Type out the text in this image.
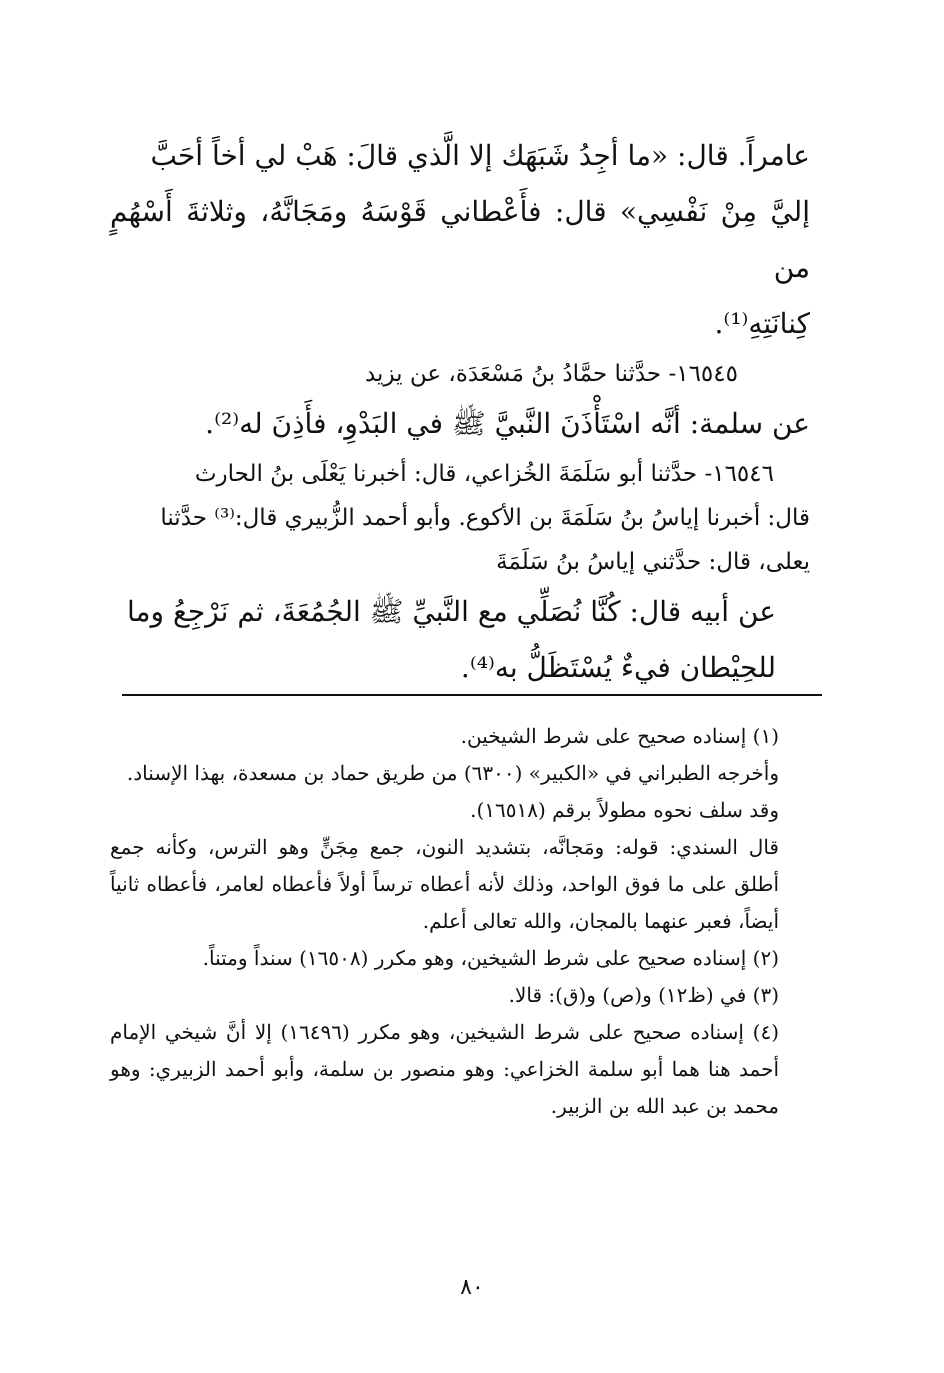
عامراً. قال: «ما أجِدُ شَبَهَك إلا الَّذي قالَ: هَبْ لي أخاً أحَبَّ
إليَّ مِنْ نَفْسِي» قال: فأَعْطاني قَوْسَهُ ومَجَانَّهُ، وثلاثةَ أَسْهُمٍ من
كِنانَتِهِ⁽¹⁾.

١٦٥٤٥- حدَّثنا حمَّادُ بنُ مَسْعَدَة، عن يزيد

عن سلمة: أنَّه اسْتَأْذَنَ النَّبيَّ ﷺ في البَدْوِ، فأَذِنَ له⁽²⁾.

١٦٥٤٦- حدَّثنا أبو سَلَمَةَ الخُزاعي، قال: أخبرنا يَعْلَى بنُ الحارث
قال: أخبرنا إياسُ بنُ سَلَمَةَ بن الأكوع. وأبو أحمد الزُّبيري قال:⁽³⁾ حدَّثنا
يعلى، قال: حدَّثني إياسُ بنُ سَلَمَةَ

عن أبيه قال: كُنَّا نُصَلِّي مع النَّبيِّ ﷺ الجُمُعَةَ، ثم نَرْجِعُ وما
للحِيْطان فيءٌ يُسْتَظَلُّ به⁽⁴⁾.

(١) إسناده صحيح على شرط الشيخين.

وأخرجه الطبراني في «الكبير» (٦٣٠٠) من طريق حماد بن مسعدة، بهذا الإسناد.

وقد سلف نحوه مطولاً برقم (١٦٥١٨).

قال السندي: قوله: ومَجانَّه، بتشديد النون، جمع مِجَنٍّ وهو الترس، وكأنه جمع أطلق على ما فوق الواحد، وذلك لأنه أعطاه ترساً أولاً فأعطاه لعامر، فأعطاه ثانياً أيضاً، فعبر عنهما بالمجان، والله تعالى أعلم.

(٢) إسناده صحيح على شرط الشيخين، وهو مكرر (١٦٥٠٨) سنداً ومتناً.

(٣) في (ظ١٢) و(ص) و(ق): قالا.

(٤) إسناده صحيح على شرط الشيخين، وهو مكرر (١٦٤٩٦) إلا أنَّ شيخي الإمام أحمد هنا هما أبو سلمة الخزاعي: وهو منصور بن سلمة، وأبو أحمد الزبيري: وهو محمد بن عبد الله بن الزبير.

٨٠
